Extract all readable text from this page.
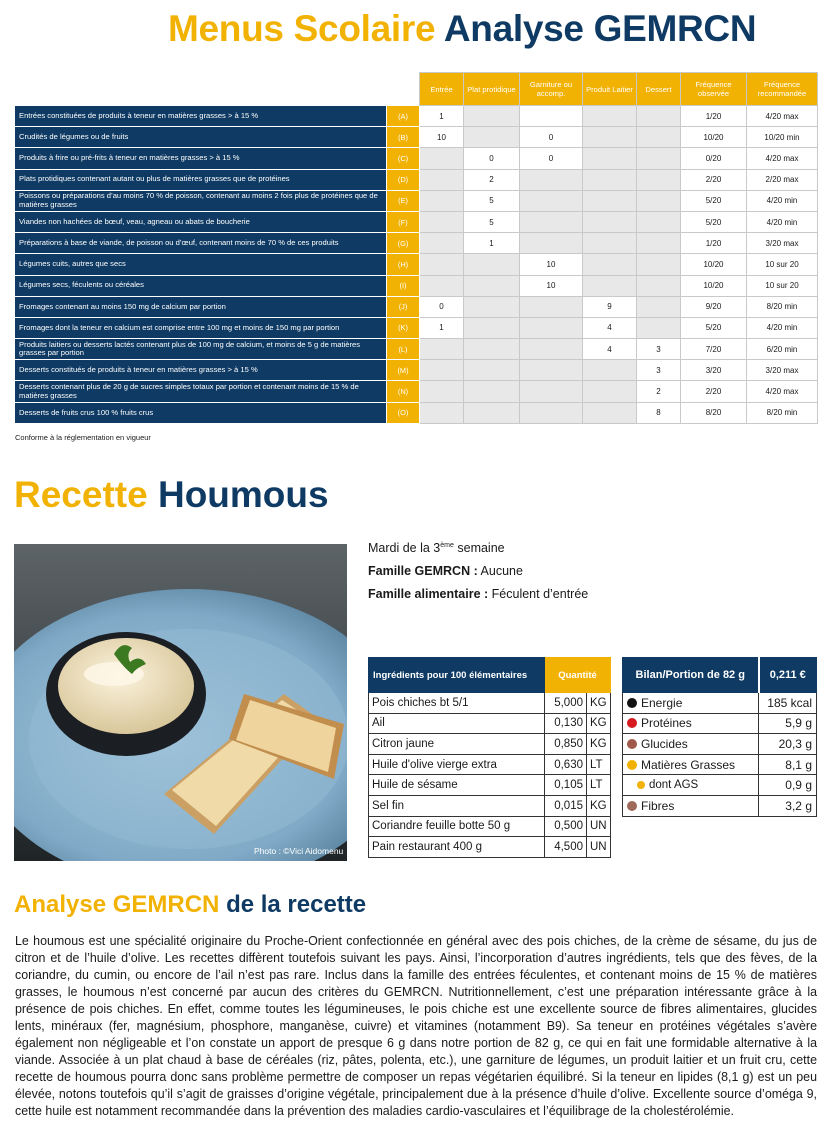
Menus Scolaire Analyse GEMRCN
		Entrée	Plat protidique	Garniture ou accomp.	Produit Laitier	Dessert	Fréquence observée	Fréquence recommandée
Entrées constituées de produits à teneur en matières grasses > à 15 %	(A)	1					1/20	4/20 max
Crudités de légumes ou de fruits	(B)	10		0			10/20	10/20 min
Produits à frire ou pré-frits à teneur en matières grasses > à 15 %	(C)		0	0			0/20	4/20 max
Plats protidiques contenant autant ou plus de matières grasses que de protéines	(D)		2				2/20	2/20 max
Poissons ou préparations d’au moins 70 % de poisson, contenant au moins 2 fois plus de protéines que de matières grasses	(E)		5				5/20	4/20 min
Viandes non hachées de bœuf, veau, agneau ou abats de boucherie	(F)		5				5/20	4/20 min
Préparations à base de viande, de poisson ou d’œuf, contenant moins de 70 % de ces produits	(G)		1				1/20	3/20 max
Légumes cuits, autres que secs	(H)			10			10/20	10 sur 20
Légumes secs, féculents ou céréales	(I)			10			10/20	10 sur 20
Fromages contenant au moins 150 mg de calcium par portion	(J)	0			9		9/20	8/20 min
Fromages dont la teneur en calcium est comprise entre 100 mg et moins de 150 mg par portion	(K)	1			4		5/20	4/20 min
Produits laitiers ou desserts lactés contenant plus de 100 mg de calcium, et moins de 5 g de matières grasses par portion	(L)				4	3	7/20	6/20 min
Desserts constitués de produits à teneur en matières grasses > à 15 %	(M)					3	3/20	3/20 max
Desserts contenant plus de 20 g de sucres simples totaux par portion et contenant moins de 15 % de matières grasses	(N)					2	2/20	4/20 max
Desserts de fruits crus 100 % fruits crus	(O)					8	8/20	8/20 min
Conforme à la réglementation en vigueur
Recette Houmous
Photo : ©Vici Aidomenu
Mardi de la 3ème semaine
Famille GEMRCN : Aucune
Famille alimentaire : Féculent d’entrée
Ingrédients pour 100 élémentaires	Quantité	
Pois chiches bt 5/1	5,000	KG
Ail	0,130	KG
Citron jaune	0,850	KG
Huile d'olive vierge extra	0,630	LT
Huile de sésame	0,105	LT
Sel fin	0,015	KG
Coriandre feuille botte 50 g	0,500	UN
Pain restaurant 400 g	4,500	UN
Bilan/Portion de 82 g	0,211 €
Energie	185 kcal
Protéines	5,9 g
Glucides	20,3 g
Matières Grasses	8,1 g
dont AGS	0,9 g
Fibres	3,2 g
Analyse GEMRCN de la recette

Le houmous est une spécialité originaire du Proche-Orient confectionnée en général avec des pois chiches, de la crème de sésame, du jus de citron et de l’huile d’olive. Les recettes diffèrent toutefois suivant les pays. Ainsi, l’incorporation d’autres ingrédients, tels que des fèves, de la coriandre, du cumin, ou encore de l’ail n’est pas rare. Inclus dans la famille des entrées féculentes, et contenant moins de 15 % de matières grasses, le houmous n’est concerné par aucun des critères du GEMRCN. Nutritionnellement, c’est une préparation intéressante grâce à la présence de pois chiches. En effet, comme toutes les légumineuses, le pois chiche est une excellente source de fibres alimentaires, glucides lents, minéraux (fer, magnésium, phosphore, manganèse, cuivre) et vitamines (notamment B9). Sa teneur en protéines végétales s’avère également non négligeable et l’on constate un apport de presque 6 g dans notre portion de 82 g, ce qui en fait une formidable alternative à la viande. Associée à un plat chaud à base de céréales (riz, pâtes, polenta, etc.), une garniture de légumes, un produit laitier et un fruit cru, cette recette de houmous pourra donc sans problème permettre de composer un repas végétarien équilibré. Si la teneur en lipides (8,1 g) est un peu élevée, notons toutefois qu’il s’agit de graisses d’origine végétale, principalement due à la présence d’huile d’olive. Excellente source d’oméga 9, cette huile est notamment recommandée dans la prévention des maladies cardio-vasculaires et l’équilibrage de la cholestérolémie.
